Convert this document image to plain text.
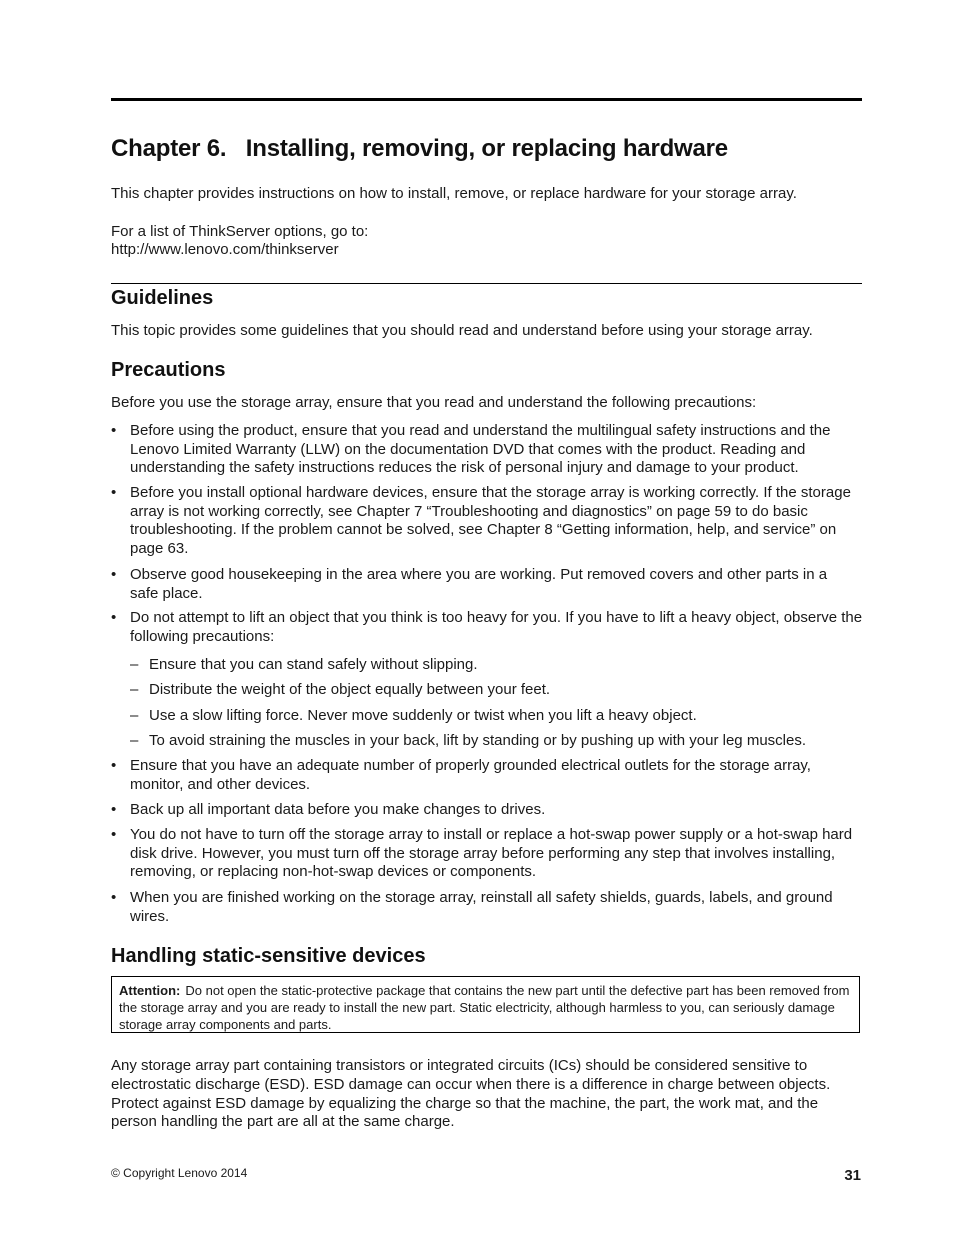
Chapter 6.   Installing, removing, or replacing hardware

This chapter provides instructions on how to install, remove, or replace hardware for your storage array.

For a list of ThinkServer options, go to:

http://www.lenovo.com/thinkserver

Guidelines

This topic provides some guidelines that you should read and understand before using your storage array.

Precautions

Before you use the storage array, ensure that you read and understand the following precautions:

• Before using the product, ensure that you read and understand the multilingual safety instructions and the Lenovo Limited Warranty (LLW) on the documentation DVD that comes with the product. Reading and understanding the safety instructions reduces the risk of personal injury and damage to your product.
• Before you install optional hardware devices, ensure that the storage array is working correctly. If the storage array is not working correctly, see Chapter 7 “Troubleshooting and diagnostics” on page 59 to do basic troubleshooting. If the problem cannot be solved, see Chapter 8 “Getting information, help, and service” on page 63.
• Observe good housekeeping in the area where you are working. Put removed covers and other parts in a safe place.
• Do not attempt to lift an object that you think is too heavy for you. If you have to lift a heavy object, observe the following precautions:
– Ensure that you can stand safely without slipping.
– Distribute the weight of the object equally between your feet.
– Use a slow lifting force. Never move suddenly or twist when you lift a heavy object.
– To avoid straining the muscles in your back, lift by standing or by pushing up with your leg muscles.
• Ensure that you have an adequate number of properly grounded electrical outlets for the storage array, monitor, and other devices.
• Back up all important data before you make changes to drives.
• You do not have to turn off the storage array to install or replace a hot-swap power supply or a hot-swap hard disk drive. However, you must turn off the storage array before performing any step that involves installing, removing, or replacing non-hot-swap devices or components.
• When you are finished working on the storage array, reinstall all safety shields, guards, labels, and ground wires.
Handling static-sensitive devices
Attention: Do not open the static-protective package that contains the new part until the defective part has been removed from the storage array and you are ready to install the new part. Static electricity, although harmless to you, can seriously damage storage array components and parts.

Any storage array part containing transistors or integrated circuits (ICs) should be considered sensitive to electrostatic discharge (ESD). ESD damage can occur when there is a difference in charge between objects. Protect against ESD damage by equalizing the charge so that the machine, the part, the work mat, and the person handling the part are all at the same charge.

© Copyright Lenovo 2014	31
